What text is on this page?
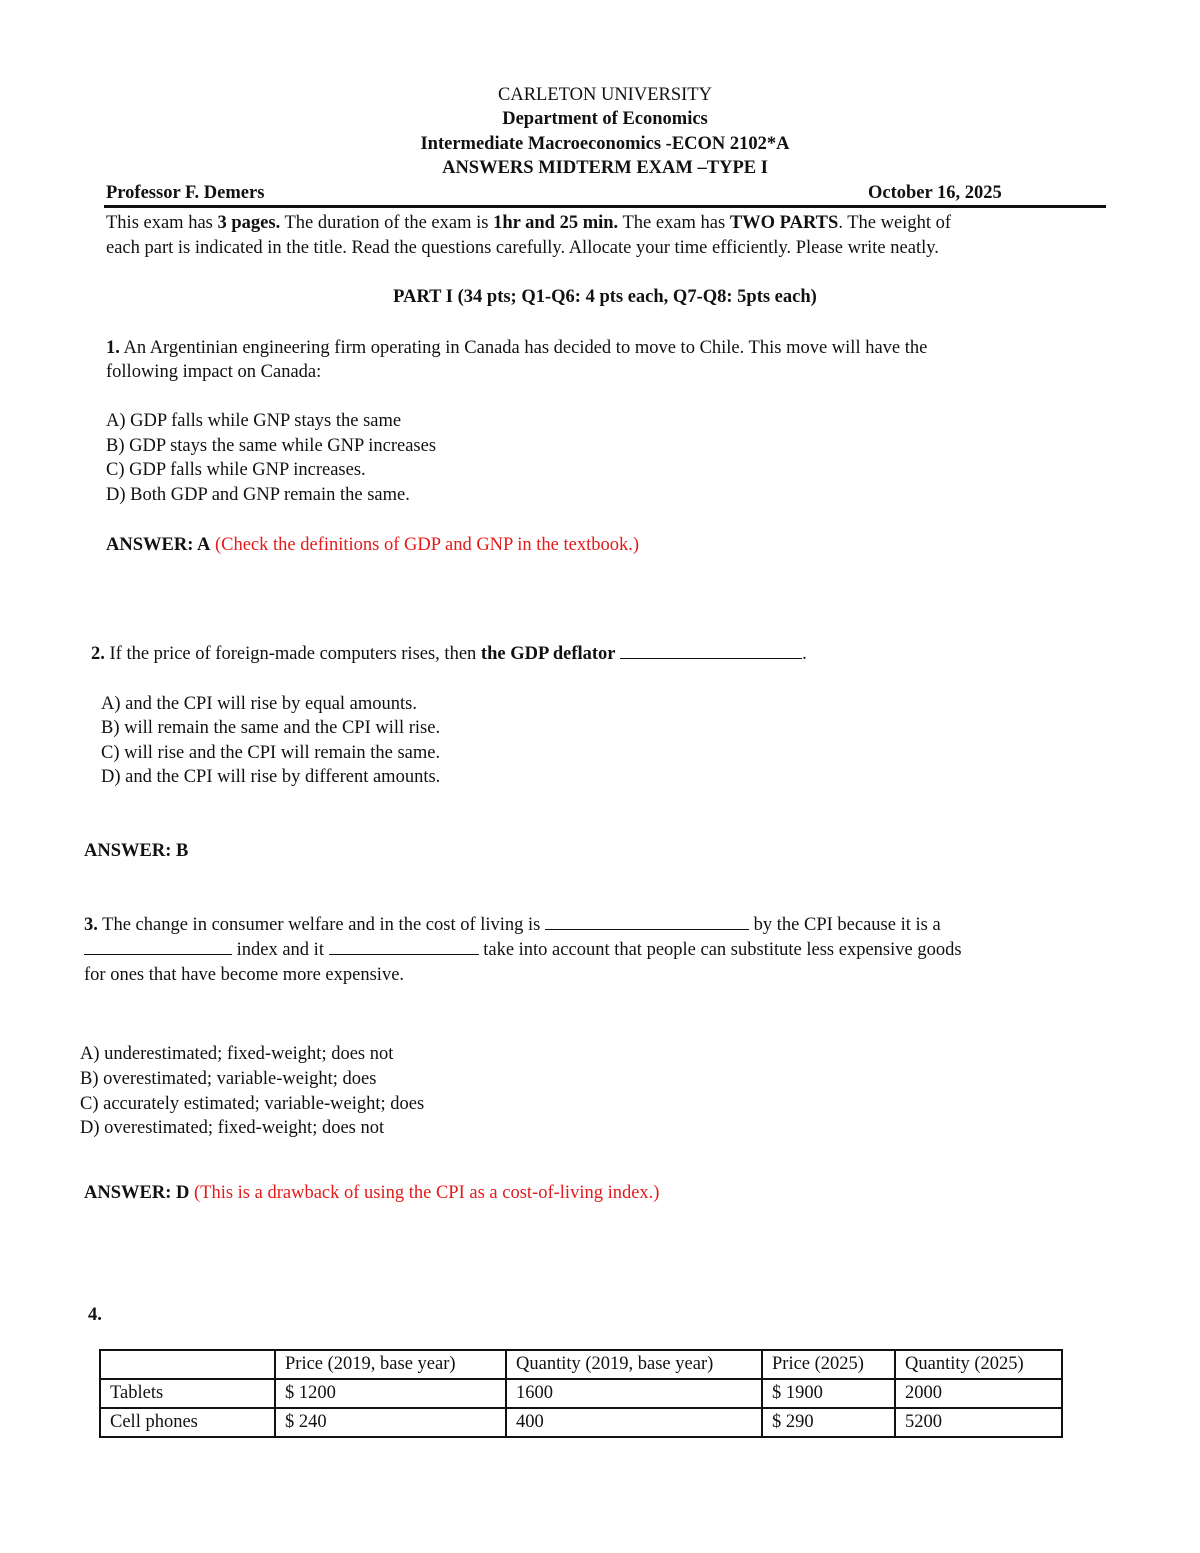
CARLETON UNIVERSITY
Department of Economics
Intermediate Macroeconomics -ECON 2102*A
ANSWERS MIDTERM EXAM –TYPE I
Professor F. Demers	October 16, 2025
This exam has 3 pages. The duration of the exam is 1hr and 25 min. The exam has TWO PARTS. The weight of
each part is indicated in the title. Read the questions carefully. Allocate your time efficiently. Please write neatly.
PART I (34 pts; Q1-Q6: 4 pts each, Q7-Q8: 5pts each)
1. An Argentinian engineering firm operating in Canada has decided to move to Chile. This move will have the
following impact on Canada:
A) GDP falls while GNP stays the same
B) GDP stays the same while GNP increases
C) GDP falls while GNP increases.
D) Both GDP and GNP remain the same.
ANSWER: A (Check the definitions of GDP and GNP in the textbook.)
2. If the price of foreign-made computers rises, then the GDP deflator	.
A) and the CPI will rise by equal amounts.
B) will remain the same and the CPI will rise.
C) will rise and the CPI will remain the same.
D) and the CPI will rise by different amounts.
ANSWER: B
3. The change in consumer welfare and in the cost of living is	by the CPI because it is a
index and it	take into account that people can substitute less expensive goods
for ones that have become more expensive.
A) underestimated; fixed-weight; does not
B) overestimated; variable-weight; does
C) accurately estimated; variable-weight; does
D) overestimated; fixed-weight; does not
ANSWER: D (This is a drawback of using the CPI as a cost-of-living index.)
4.
	Price (2019, base year)	Quantity (2019, base year)	Price (2025)	Quantity (2025)
Tablets	$ 1200	1600	$ 1900	2000
Cell phones	$ 240	400	$ 290	5200
